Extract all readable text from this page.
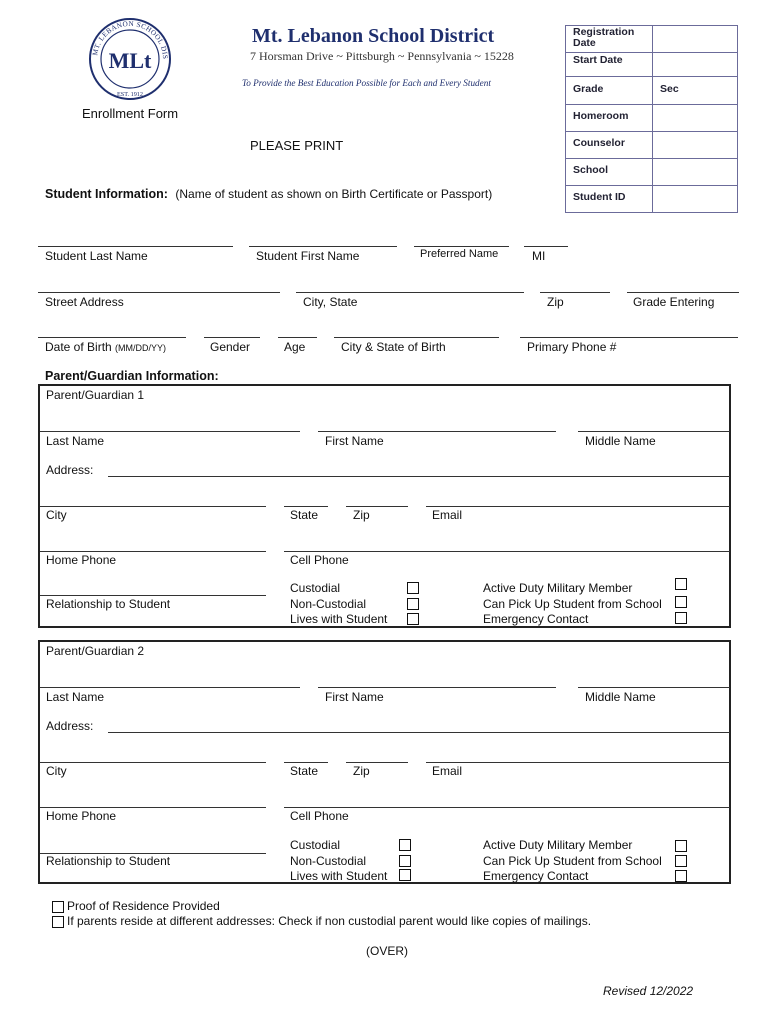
MT. LEBANON SCHOOL DIS
MLt
EST. 1912
Mt. Lebanon School District
7 Horsman Drive ~ Pittsburgh ~ Pennsylvania ~ 15228
To Provide the Best Education Possible for Each and Every Student
Enrollment Form
PLEASE PRINT
Registration Date	
Start Date	
Grade	Sec
Homeroom	
Counselor	
School	
Student ID	
Student Information: (Name of student as shown on Birth Certificate or Passport)
Student Last Name	Student First Name	Preferred Name	MI
Street Address	City, State	Zip	Grade Entering
Date of Birth (MM/DD/YY)	Gender	Age	City & State of Birth	Primary Phone #
Parent/Guardian Information:
Parent/Guardian 1
Last Name	First Name	Middle Name
Address:
City	State	Zip	Email
Home Phone	Cell Phone
Relationship to Student
Custodial
Non-Custodial
Lives with Student
Active Duty Military Member
Can Pick Up Student from School
Emergency Contact
Parent/Guardian 2
Last Name	First Name	Middle Name
Address:
City	State	Zip	Email
Home Phone	Cell Phone
Relationship to Student
Custodial
Non-Custodial
Lives with Student
Active Duty Military Member
Can Pick Up Student from School
Emergency Contact
Proof of Residence Provided
If parents reside at different addresses: Check if non custodial parent would like copies of mailings.
(OVER)
Revised 12/2022
